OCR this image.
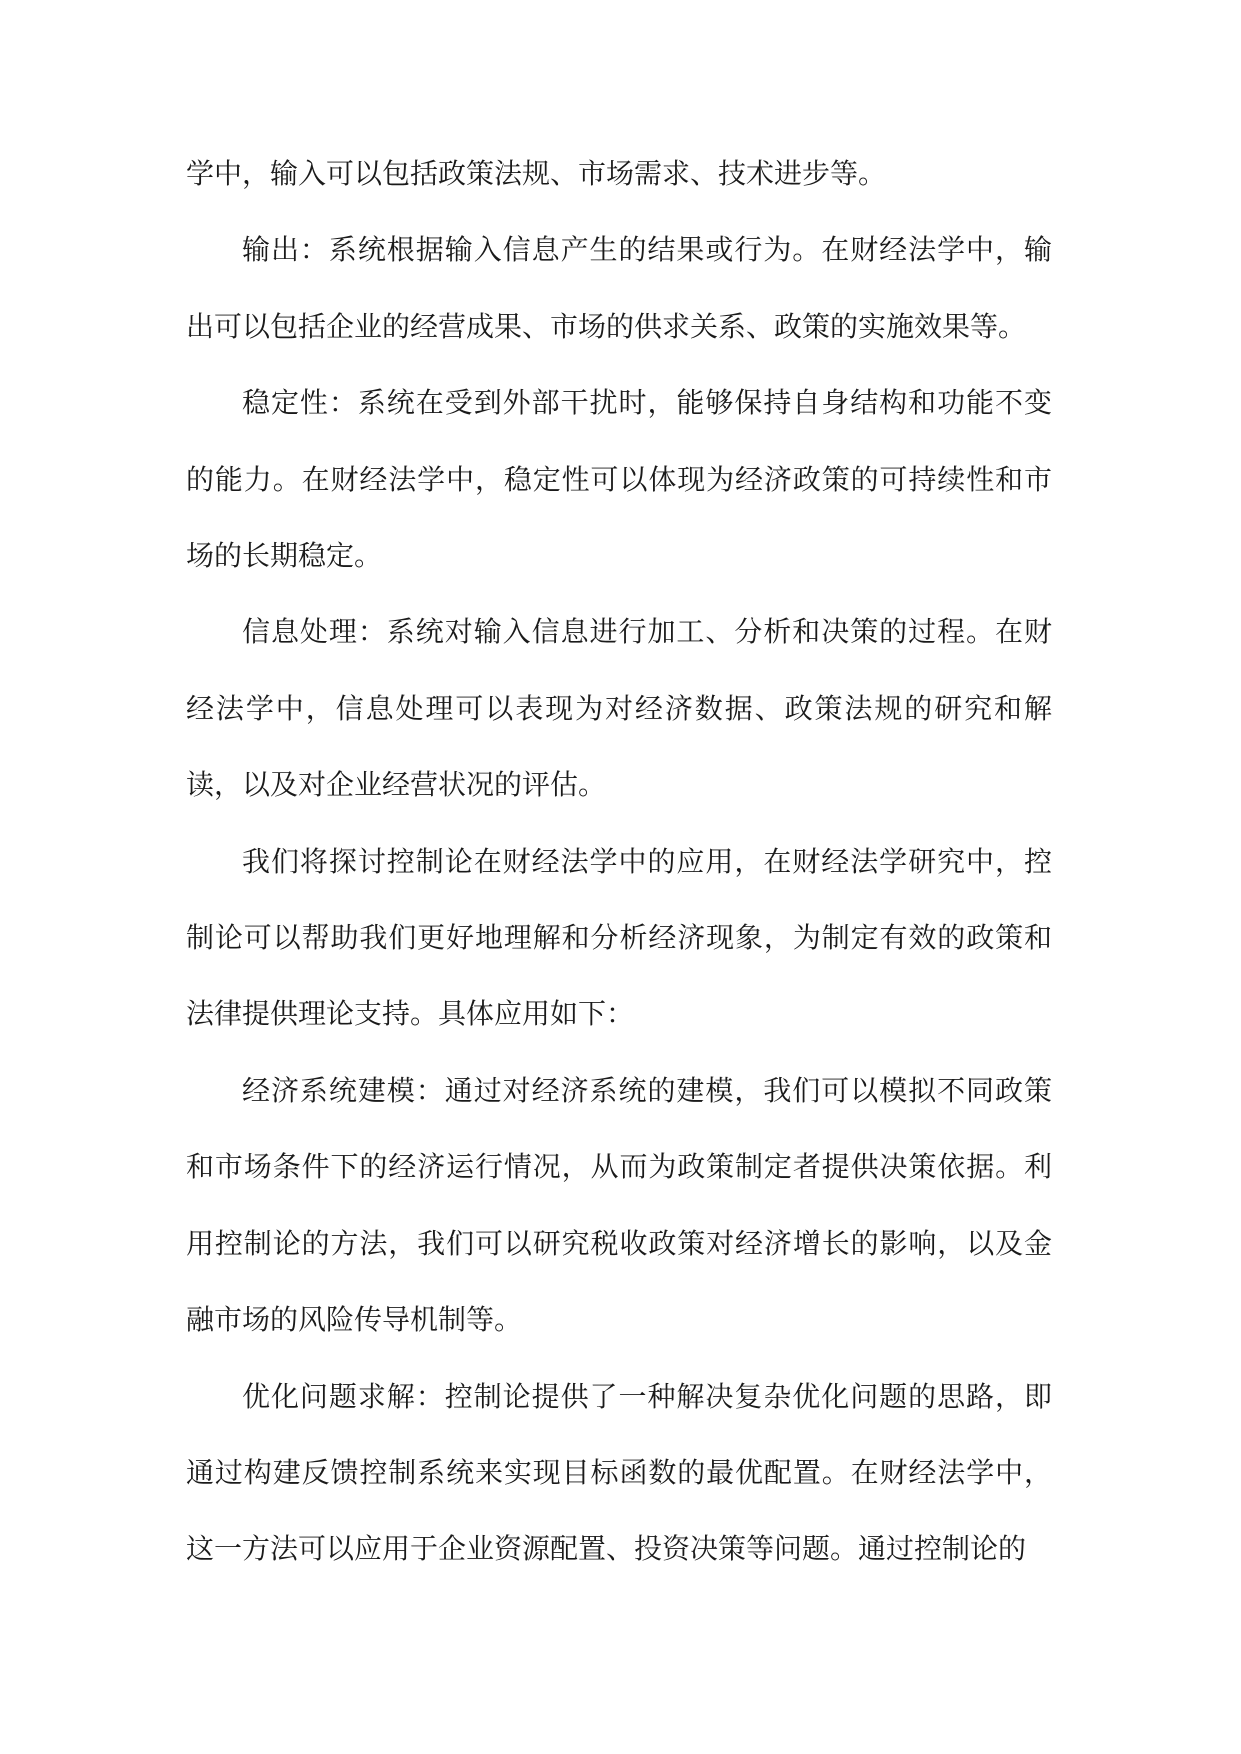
学中，输入可以包括政策法规、市场需求、技术进步等。

输出：系统根据输入信息产生的结果或行为。在财经法学中，输出可以包括企业的经营成果、市场的供求关系、政策的实施效果等。

稳定性：系统在受到外部干扰时，能够保持自身结构和功能不变的能力。在财经法学中，稳定性可以体现为经济政策的可持续性和市场的长期稳定。

信息处理：系统对输入信息进行加工、分析和决策的过程。在财经法学中，信息处理可以表现为对经济数据、政策法规的研究和解读，以及对企业经营状况的评估。

我们将探讨控制论在财经法学中的应用，在财经法学研究中，控制论可以帮助我们更好地理解和分析经济现象，为制定有效的政策和法律提供理论支持。具体应用如下：

经济系统建模：通过对经济系统的建模，我们可以模拟不同政策和市场条件下的经济运行情况，从而为政策制定者提供决策依据。利用控制论的方法，我们可以研究税收政策对经济增长的影响，以及金融市场的风险传导机制等。

优化问题求解：控制论提供了一种解决复杂优化问题的思路，即通过构建反馈控制系统来实现目标函数的最优配置。在财经法学中，这一方法可以应用于企业资源配置、投资决策等问题。通过控制论的
